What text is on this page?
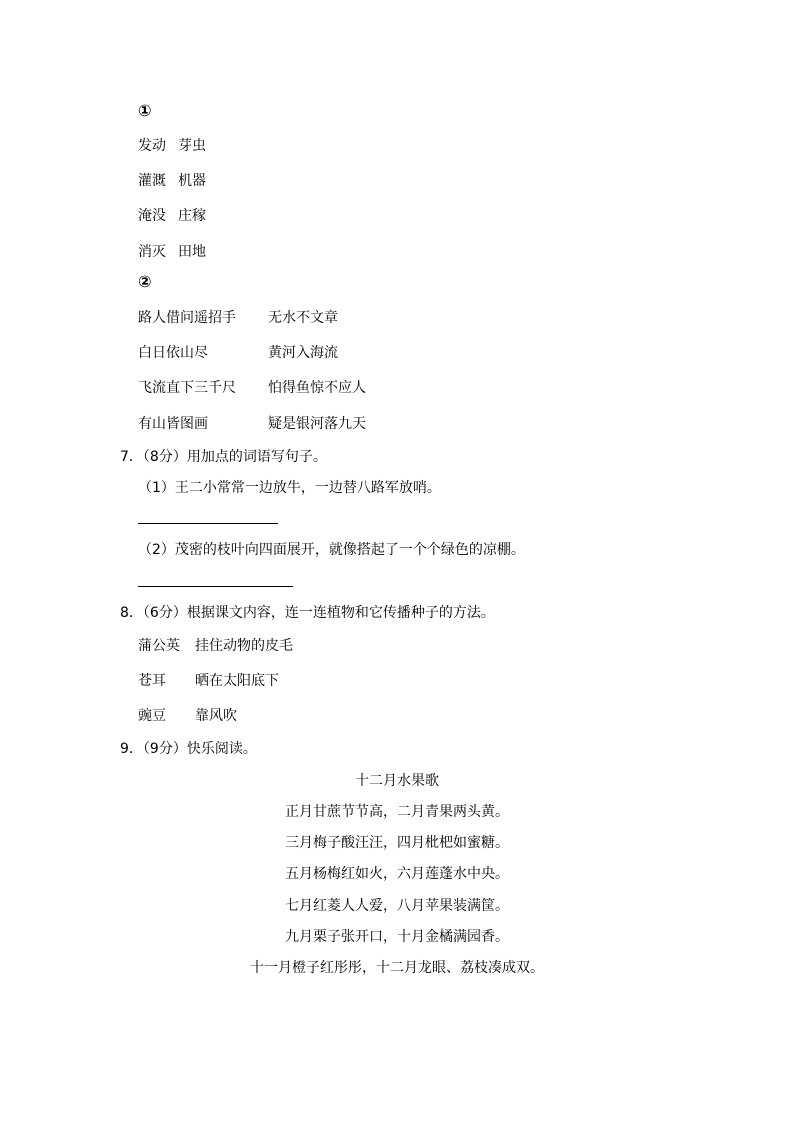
①
发动 芽虫
灌溉 机器
淹没 庄稼
消灭 田地
②
路人借问遥招手 无水不文章
白日依山尽	黄河入海流
飞流直下三千尺 怕得鱼惊不应人
有山皆图画	疑是银河落九天
7．（8分）用加点的词语写句子。
（1）王二小常常一边放牛，一边替八路军放哨。
（2）茂密的枝叶向四面展开，就像搭起了一个个绿色的凉棚。
8．（6分）根据课文内容，连一连植物和它传播种子的方法。
蒲公英 挂住动物的皮毛
苍耳 晒在太阳底下
豌豆 靠风吹
9．（9分）快乐阅读。
十二月水果歌
正月甘蔗节节高，二月青果两头黄。
三月梅子酸汪汪，四月枇杷如蜜糖。
五月杨梅红如火，六月莲蓬水中央。
七月红菱人人爱，八月苹果装满筐。
九月栗子张开口，十月金橘满园香。
十一月橙子红彤彤，十二月龙眼、荔枝凑成双。
